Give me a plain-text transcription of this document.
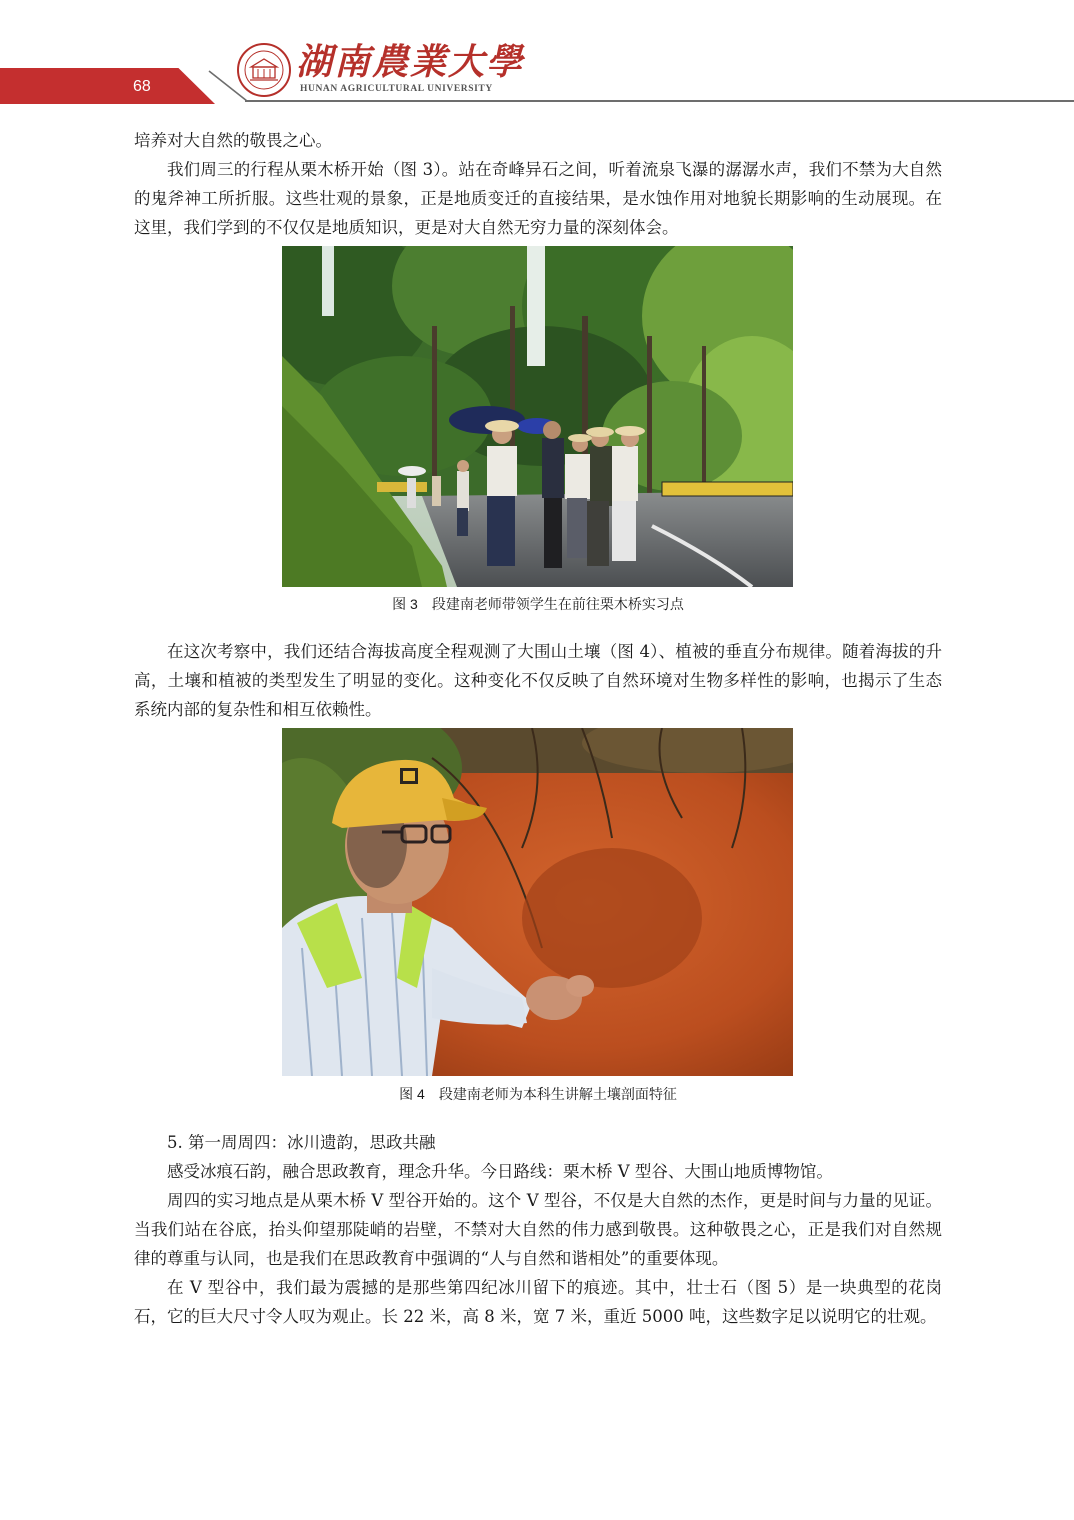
68
湖南農業大學
HUNAN AGRICULTURAL UNIVERSITY

培养对大自然的敬畏之心。

我们周三的行程从栗木桥开始（图 3）。站在奇峰异石之间，听着流泉飞瀑的潺潺水声，我们不禁为大自然的鬼斧神工所折服。这些壮观的景象，正是地质变迁的直接结果，是水蚀作用对地貌长期影响的生动展现。在这里，我们学到的不仅仅是地质知识，更是对大自然无穷力量的深刻体会。

图 3　段建南老师带领学生在前往栗木桥实习点

在这次考察中，我们还结合海拔高度全程观测了大围山土壤（图 4）、植被的垂直分布规律。随着海拔的升高，土壤和植被的类型发生了明显的变化。这种变化不仅反映了自然环境对生物多样性的影响，也揭示了生态系统内部的复杂性和相互依赖性。

图 4　段建南老师为本科生讲解土壤剖面特征

5. 第一周周四：冰川遗韵，思政共融

感受冰痕石韵，融合思政教育，理念升华。今日路线：栗木桥 V 型谷、大围山地质博物馆。

周四的实习地点是从栗木桥 V 型谷开始的。这个 V 型谷，不仅是大自然的杰作，更是时间与力量的见证。当我们站在谷底，抬头仰望那陡峭的岩壁，不禁对大自然的伟力感到敬畏。这种敬畏之心，正是我们对自然规律的尊重与认同，也是我们在思政教育中强调的“人与自然和谐相处”的重要体现。

在 V 型谷中，我们最为震撼的是那些第四纪冰川留下的痕迹。其中，壮士石（图 5）是一块典型的花岗石，它的巨大尺寸令人叹为观止。长 22 米，高 8 米，宽 7 米，重近 5000 吨，这些数字足以说明它的壮观。
